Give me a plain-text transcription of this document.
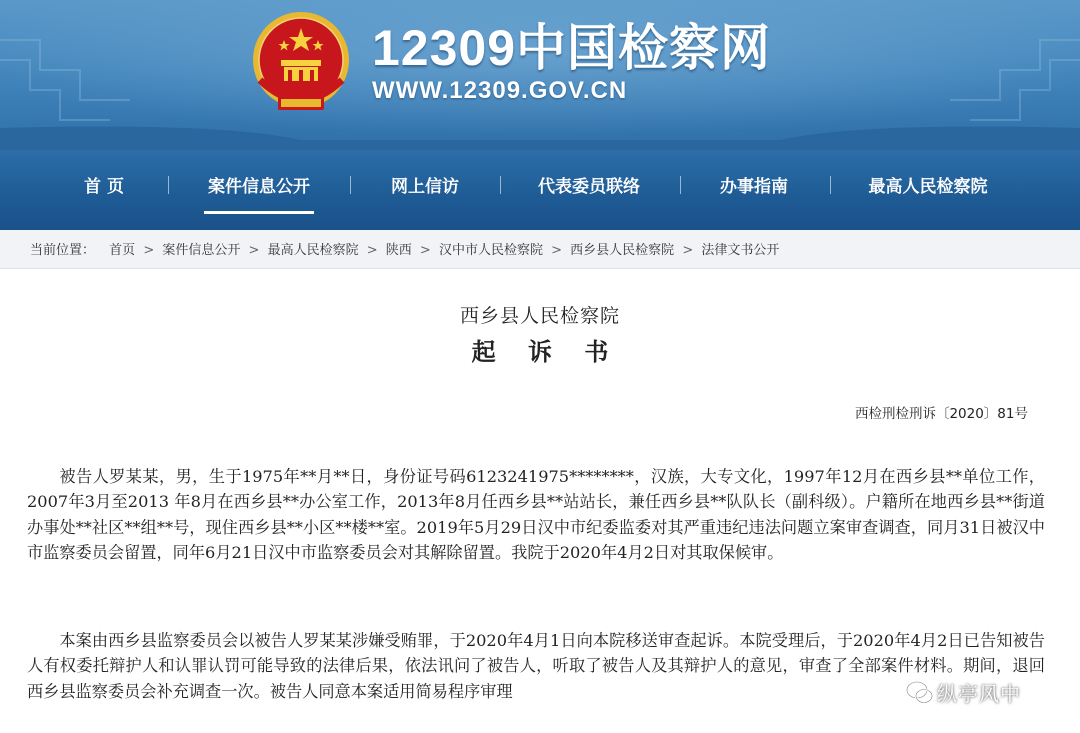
12309中国检察网
WWW.12309.GOV.CN
首 页	案件信息公开	网上信访	代表委员联络	办事指南	最高人民检察院
当前位置： 首页 > 案件信息公开 > 最高人民检察院 > 陕西 > 汉中市人民检察院 > 西乡县人民检察院 > 法律文书公开
西乡县人民检察院
起 诉 书
西检刑检刑诉〔2020〕81号

被告人罗某某，男，生于1975年**月**日，身份证号码6123241975********，汉族，大专文化，1997年12月在西乡县**单位工作，2007年3月至2013 年8月在西乡县**办公室工作，2013年8月任西乡县**站站长，兼任西乡县**队队长（副科级）。户籍所在地西乡县**街道办事处**社区**组**号，现住西乡县**小区**楼**室。2019年5月29日汉中市纪委监委对其严重违纪违法问题立案审查调查，同月31日被汉中市监察委员会留置，同年6月21日汉中市监察委员会对其解除留置。我院于2020年4月2日对其取保候审。

本案由西乡县监察委员会以被告人罗某某涉嫌受贿罪，于2020年4月1日向本院移送审查起诉。本院受理后，于2020年4月2日已告知被告人有权委托辩护人和认罪认罚可能导致的法律后果，依法讯问了被告人，听取了被告人及其辩护人的意见，审查了全部案件材料。期间，退回西乡县监察委员会补充调查一次。被告人同意本案适用简易程序审理	纵亭风中
